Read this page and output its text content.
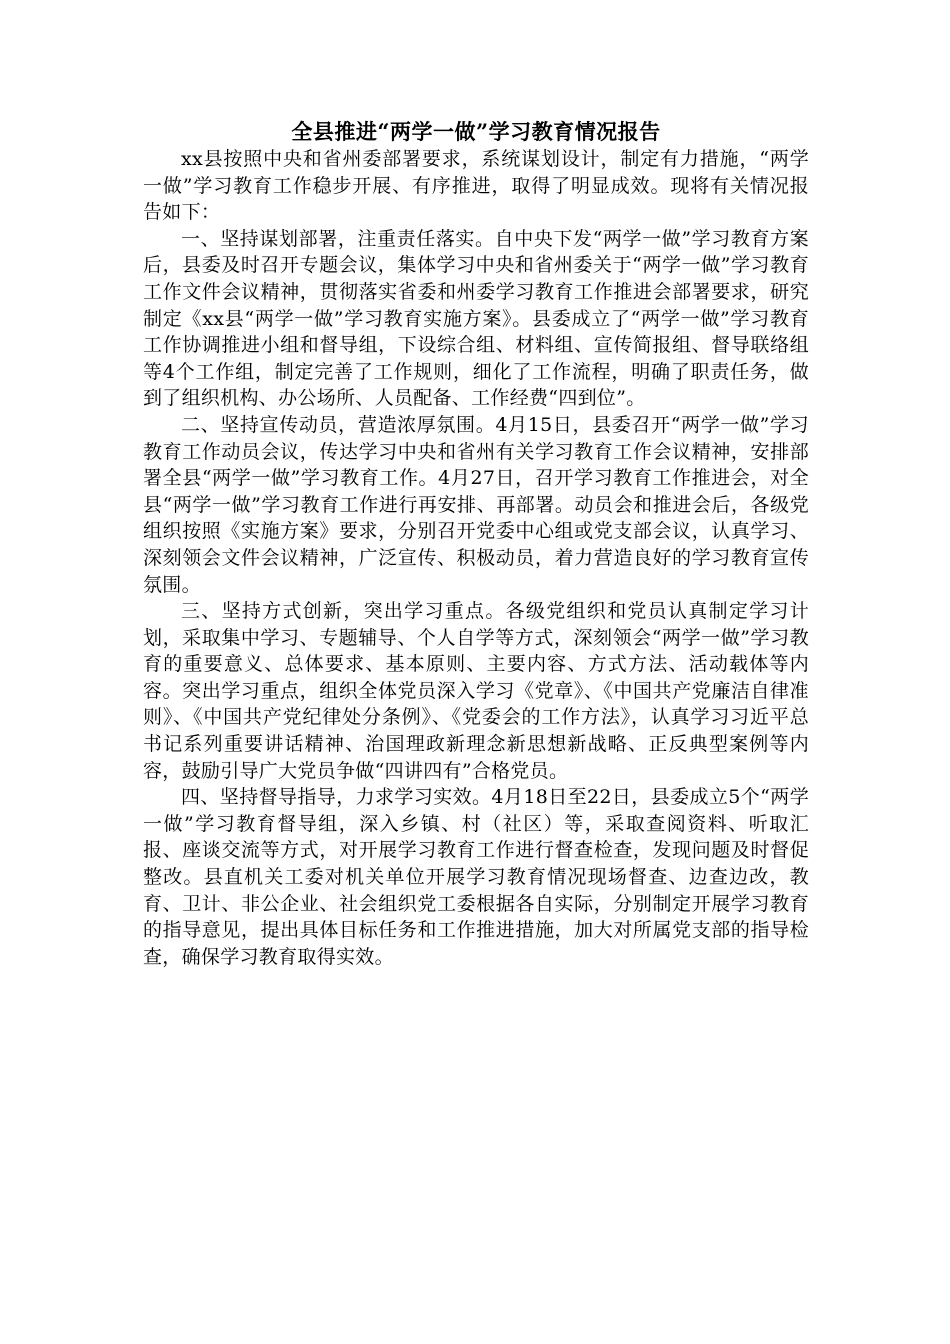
全县推进“两学一做”学习教育情况报告

xx县按照中央和省州委部署要求，系统谋划设计，制定有力措施，“两学一做”学习教育工作稳步开展、有序推进，取得了明显成效。现将有关情况报告如下：

一、坚持谋划部署，注重责任落实。自中央下发“两学一做”学习教育方案后，县委及时召开专题会议，集体学习中央和省州委关于“两学一做”学习教育工作文件会议精神，贯彻落实省委和州委学习教育工作推进会部署要求，研究制定《xx县“两学一做”学习教育实施方案》。县委成立了“两学一做”学习教育工作协调推进小组和督导组，下设综合组、材料组、宣传简报组、督导联络组等4个工作组，制定完善了工作规则，细化了工作流程，明确了职责任务，做到了组织机构、办公场所、人员配备、工作经费“四到位”。

二、坚持宣传动员，营造浓厚氛围。4月15日，县委召开“两学一做”学习教育工作动员会议，传达学习中央和省州有关学习教育工作会议精神，安排部署全县“两学一做”学习教育工作。4月27日，召开学习教育工作推进会，对全县“两学一做”学习教育工作进行再安排、再部署。动员会和推进会后，各级党组织按照《实施方案》要求，分别召开党委中心组或党支部会议，认真学习、深刻领会文件会议精神，广泛宣传、积极动员，着力营造良好的学习教育宣传氛围。

三、坚持方式创新，突出学习重点。各级党组织和党员认真制定学习计划，采取集中学习、专题辅导、个人自学等方式，深刻领会“两学一做”学习教育的重要意义、总体要求、基本原则、主要内容、方式方法、活动载体等内容。突出学习重点，组织全体党员深入学习《党章》、《中国共产党廉洁自律准则》、《中国共产党纪律处分条例》、《党委会的工作方法》，认真学习习近平总书记系列重要讲话精神、治国理政新理念新思想新战略、正反典型案例等内容，鼓励引导广大党员争做“四讲四有”合格党员。

四、坚持督导指导，力求学习实效。4月18日至22日，县委成立5个“两学一做”学习教育督导组，深入乡镇、村（社区）等，采取查阅资料、听取汇报、座谈交流等方式，对开展学习教育工作进行督查检查，发现问题及时督促整改。县直机关工委对机关单位开展学习教育情况现场督查、边查边改，教育、卫计、非公企业、社会组织党工委根据各自实际，分别制定开展学习教育的指导意见，提出具体目标任务和工作推进措施，加大对所属党支部的指导检查，确保学习教育取得实效。
